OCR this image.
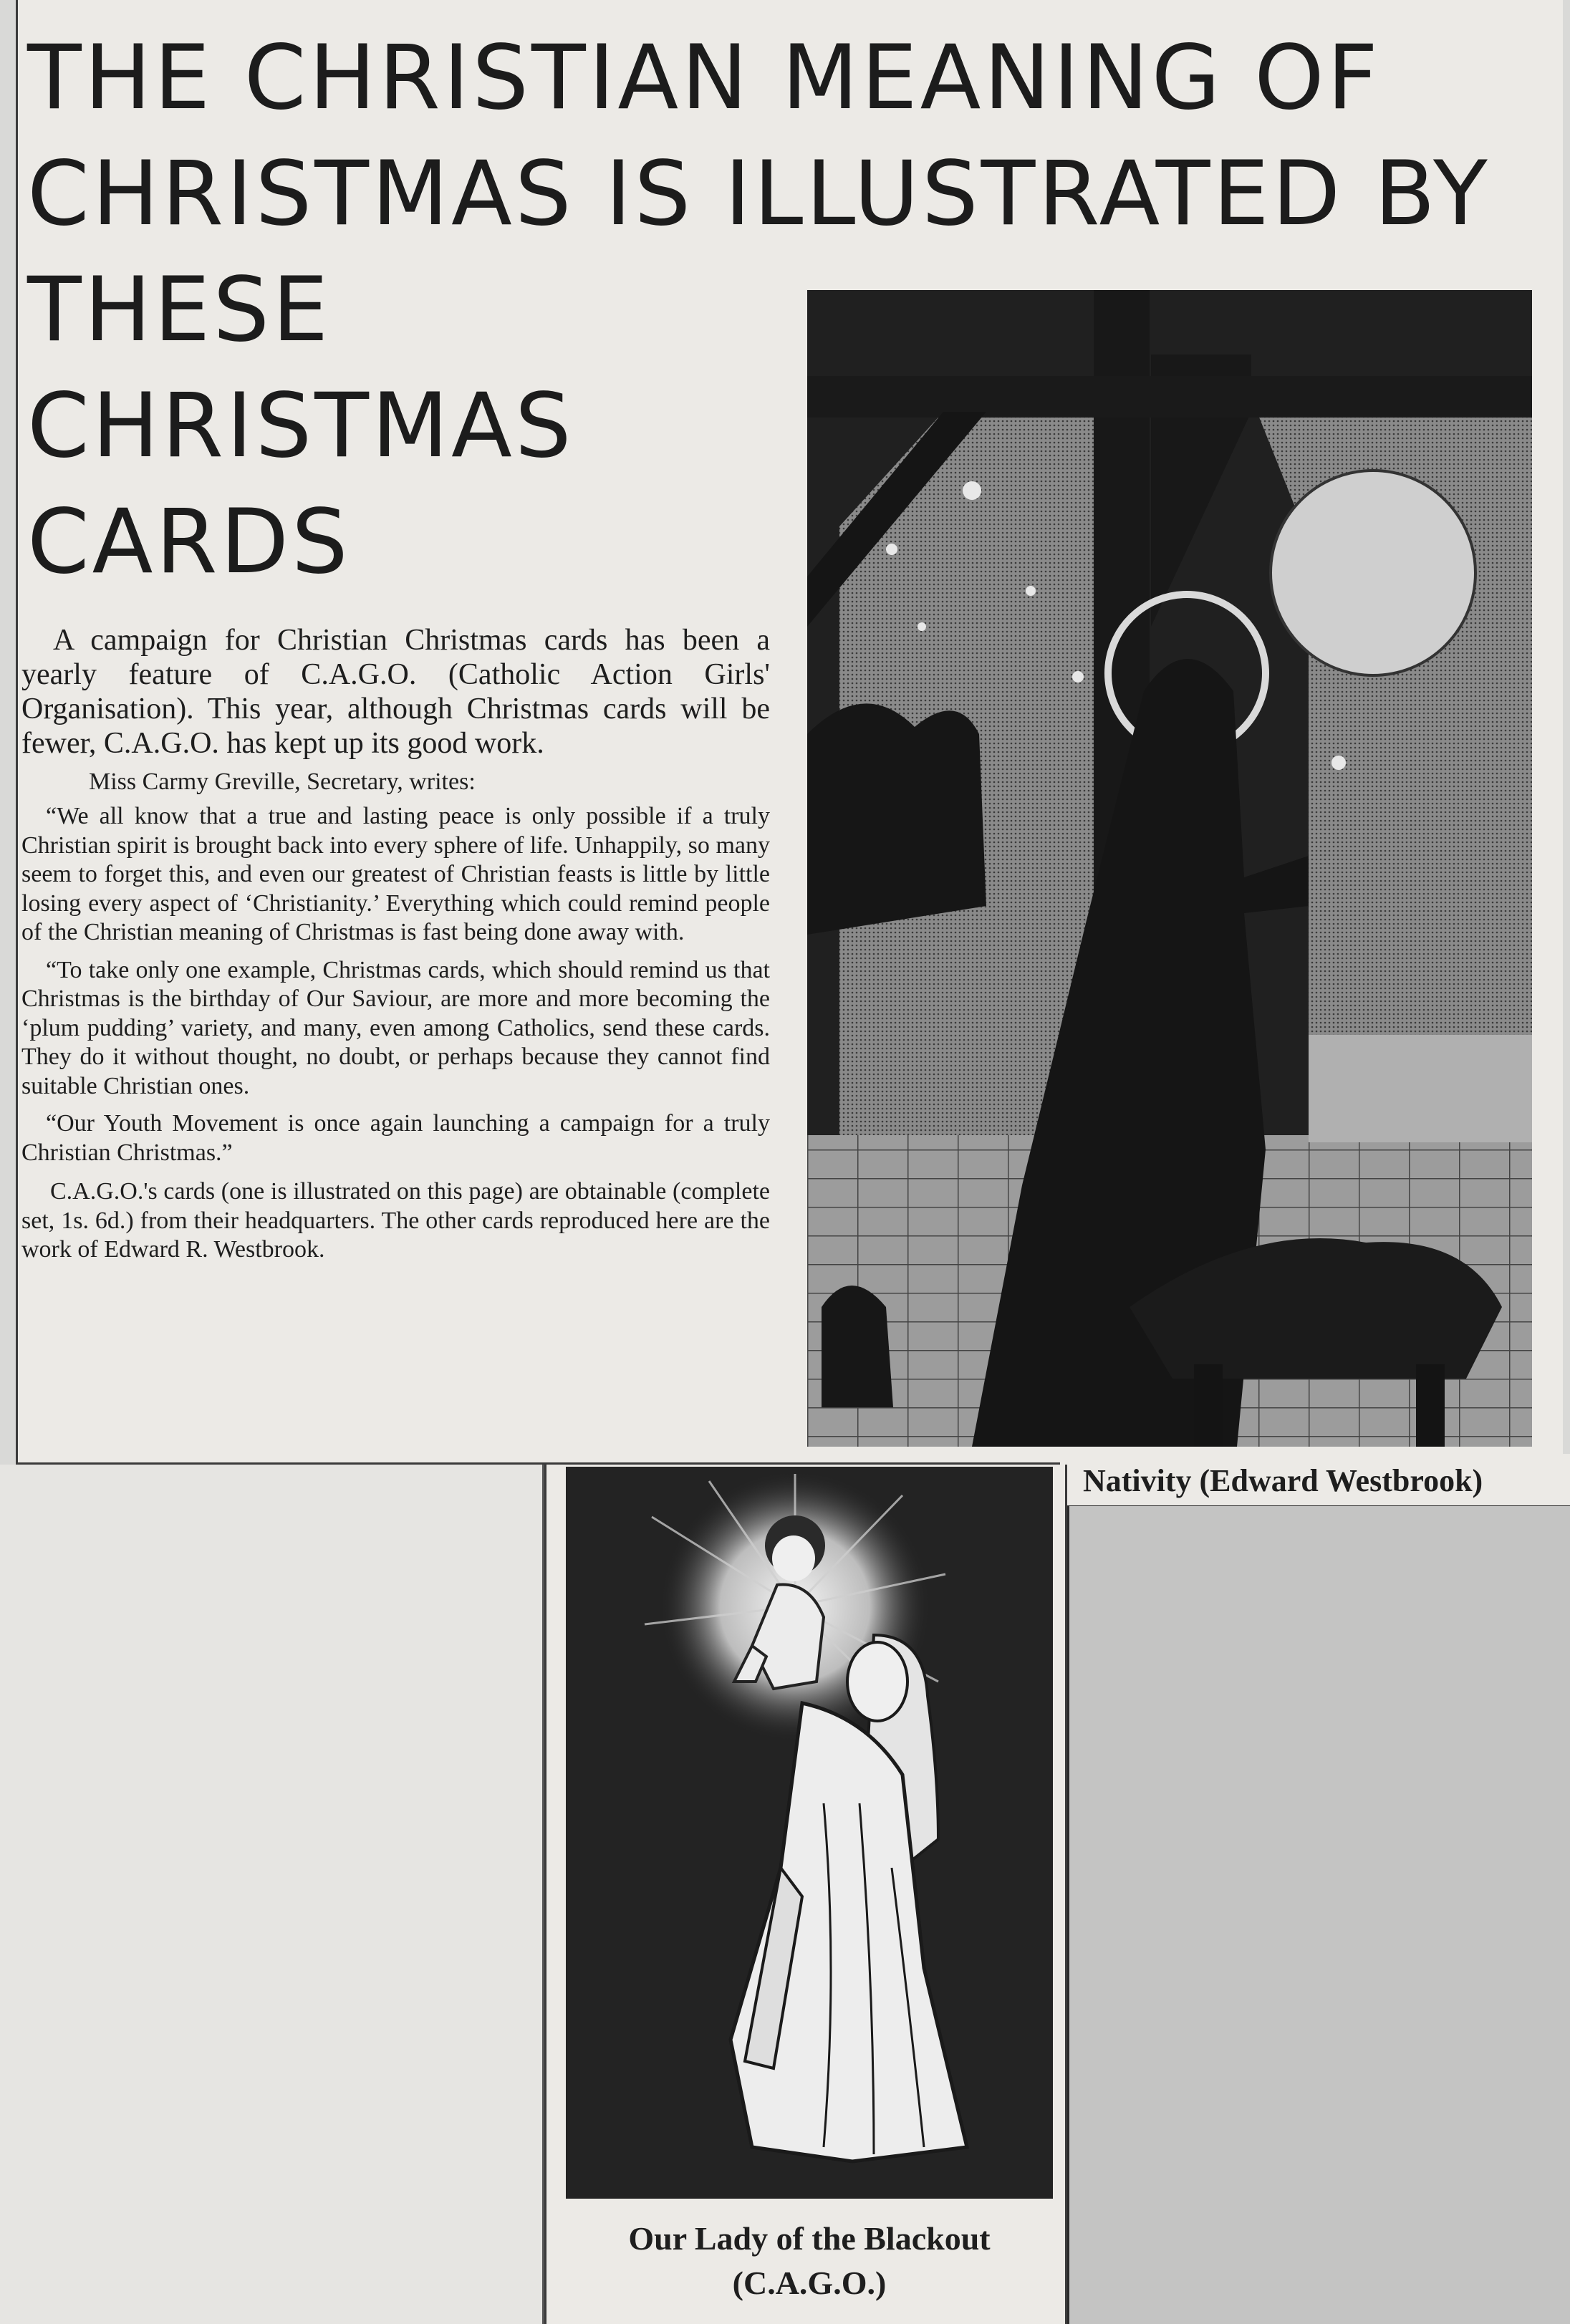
THE CHRISTIAN MEANING OF
CHRISTMAS IS ILLUSTRATED BY
THESE
CHRISTMAS
CARDS

A campaign for Christian Christmas cards has been a yearly feature of C.A.G.O. (Catholic Action Girls' Organisation). This year, although Christmas cards will be fewer, C.A.G.O. has kept up its good work.

Miss Carmy Greville, Secretary, writes:

“We all know that a true and lasting peace is only possible if a truly Christian spirit is brought back into every sphere of life. Unhappily, so many seem to forget this, and even our greatest of Christian feasts is little by little losing every aspect of ‘Christianity.’ Everything which could remind people of the Christian meaning of Christmas is fast being done away with.

“To take only one example, Christmas cards, which should remind us that Christmas is the birthday of Our Saviour, are more and more becoming the ‘plum pudding’ variety, and many, even among Catholics, send these cards. They do it without thought, no doubt, or perhaps because they cannot find suitable Christian ones.

“Our Youth Movement is once again launching a campaign for a truly Christian Christmas.”

C.A.G.O.'s cards (one is illustrated on this page) are obtainable (complete set, 1s. 6d.) from their headquarters. The other cards reproduced here are the work of Edward R. Westbrook.

Nativity (Edward Westbrook)
Our Lady of the Blackout
(C.A.G.O.)
